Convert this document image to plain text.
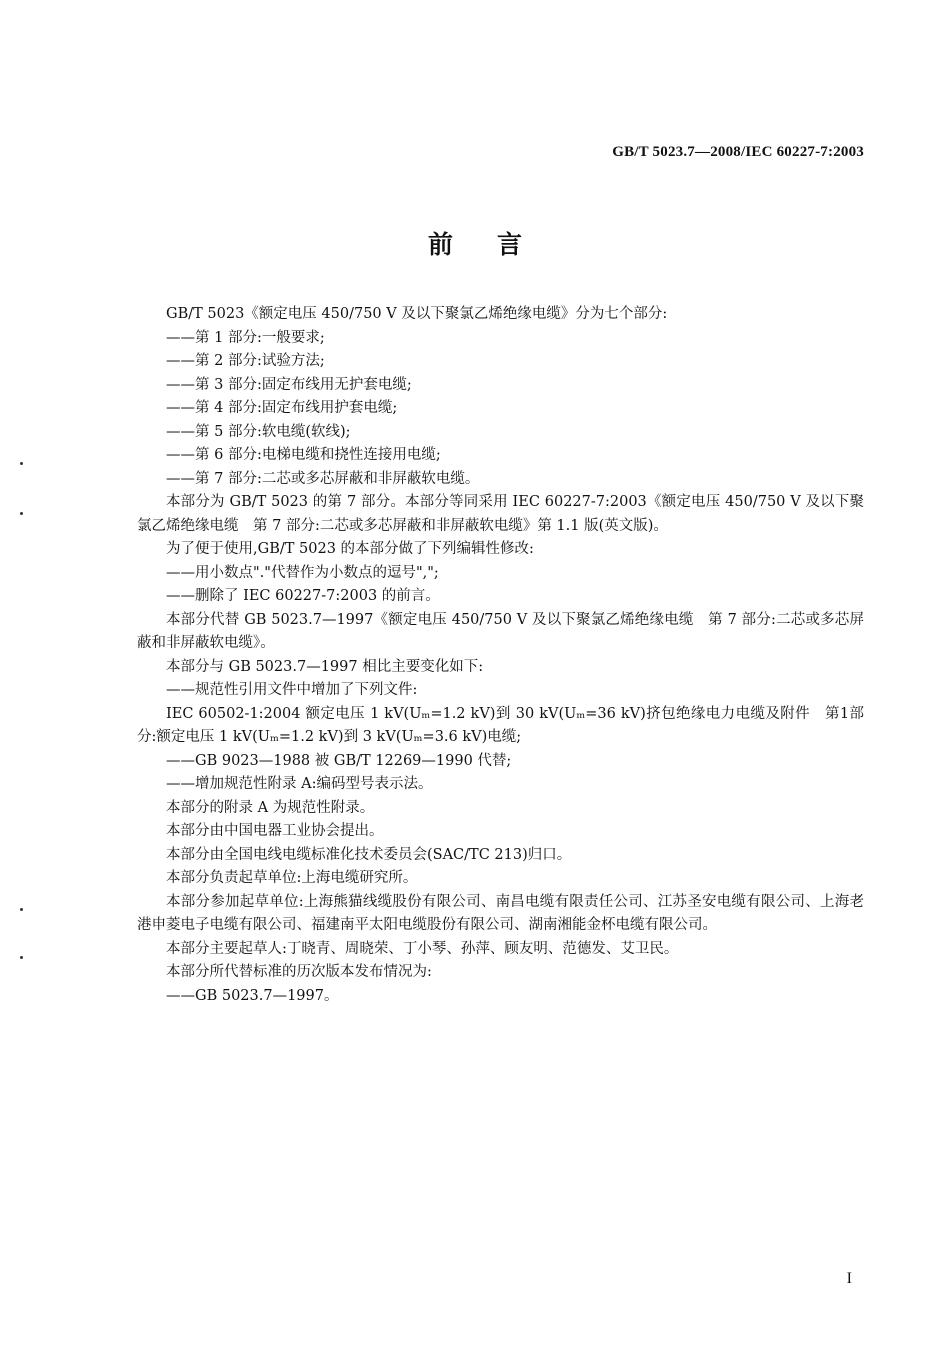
GB/T 5023.7—2008/IEC 60227-7:2003
前言

GB/T 5023《额定电压 450/750 V 及以下聚氯乙烯绝缘电缆》分为七个部分:

——第 1 部分:一般要求;

——第 2 部分:试验方法;

——第 3 部分:固定布线用无护套电缆;

——第 4 部分:固定布线用护套电缆;

——第 5 部分:软电缆(软线);

——第 6 部分:电梯电缆和挠性连接用电缆;

——第 7 部分:二芯或多芯屏蔽和非屏蔽软电缆。

本部分为 GB/T 5023 的第 7 部分。本部分等同采用 IEC 60227-7:2003《额定电压 450/750 V 及以下聚氯乙烯绝缘电缆　第 7 部分:二芯或多芯屏蔽和非屏蔽软电缆》第 1.1 版(英文版)。

为了便于使用,GB/T 5023 的本部分做了下列编辑性修改:

——用小数点"."代替作为小数点的逗号",";

——删除了 IEC 60227-7:2003 的前言。

本部分代替 GB 5023.7—1997《额定电压 450/750 V 及以下聚氯乙烯绝缘电缆　第 7 部分:二芯或多芯屏蔽和非屏蔽软电缆》。

本部分与 GB 5023.7—1997 相比主要变化如下:

——规范性引用文件中增加了下列文件:

IEC 60502-1:2004 额定电压 1 kV(Uₘ=1.2 kV)到 30 kV(Uₘ=36 kV)挤包绝缘电力电缆及附件　第1部分:额定电压 1 kV(Uₘ=1.2 kV)到 3 kV(Uₘ=3.6 kV)电缆;

——GB 9023—1988 被 GB/T 12269—1990 代替;

——增加规范性附录 A:编码型号表示法。

本部分的附录 A 为规范性附录。

本部分由中国电器工业协会提出。

本部分由全国电线电缆标准化技术委员会(SAC/TC 213)归口。

本部分负责起草单位:上海电缆研究所。

本部分参加起草单位:上海熊猫线缆股份有限公司、南昌电缆有限责任公司、江苏圣安电缆有限公司、上海老港申菱电子电缆有限公司、福建南平太阳电缆股份有限公司、湖南湘能金杯电缆有限公司。

本部分主要起草人:丁晓青、周晓荣、丁小琴、孙萍、顾友明、范德发、艾卫民。

本部分所代替标准的历次版本发布情况为:

——GB 5023.7—1997。

I
